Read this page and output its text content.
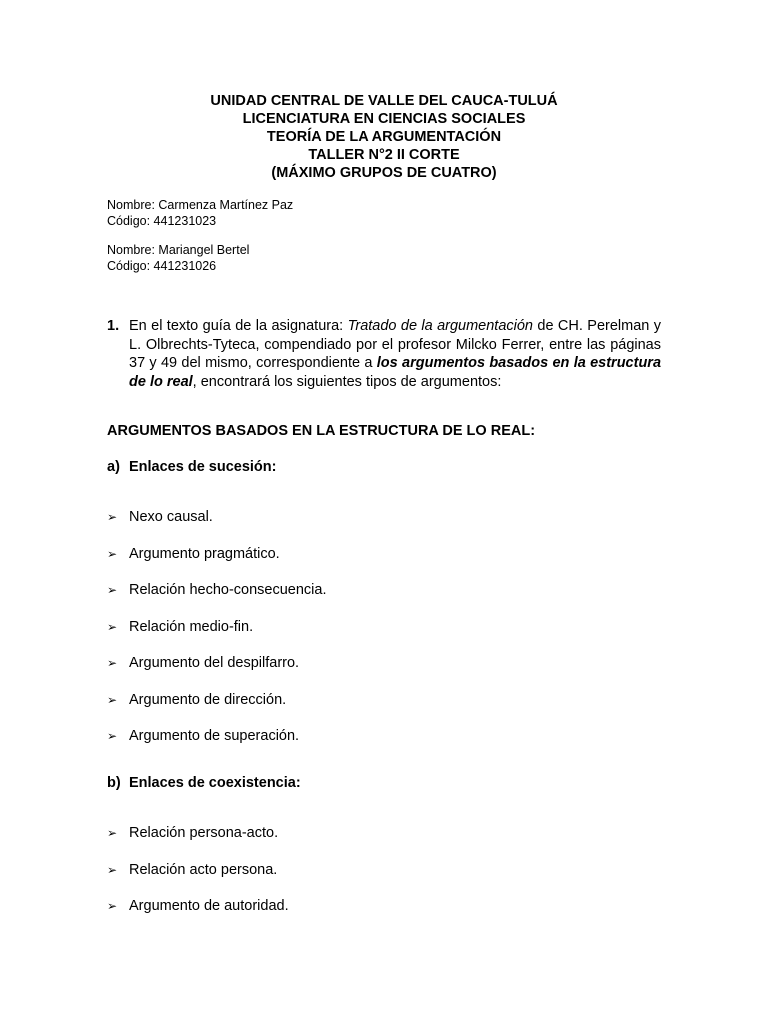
UNIDAD CENTRAL DE VALLE DEL CAUCA-TULUÁ
LICENCIATURA EN CIENCIAS SOCIALES
TEORÍA DE LA ARGUMENTACIÓN
TALLER N°2 II CORTE
(MÁXIMO GRUPOS DE CUATRO)
Nombre: Carmenza Martínez Paz
Código: 441231023
Nombre: Mariangel Bertel
Código: 441231026
1. En el texto guía de la asignatura: Tratado de la argumentación de CH. Perelman y L. Olbrechts-Tyteca, compendiado por el profesor Milcko Ferrer, entre las páginas 37 y 49 del mismo, correspondiente a los argumentos basados en la estructura de lo real, encontrará los siguientes tipos de argumentos:
ARGUMENTOS BASADOS EN LA ESTRUCTURA DE LO REAL:
a) Enlaces de sucesión:
➢ Nexo causal.
➢ Argumento pragmático.
➢ Relación hecho-consecuencia.
➢ Relación medio-fin.
➢ Argumento del despilfarro.
➢ Argumento de dirección.
➢ Argumento de superación.
b) Enlaces de coexistencia:
➢ Relación persona-acto.
➢ Relación acto persona.
➢ Argumento de autoridad.
